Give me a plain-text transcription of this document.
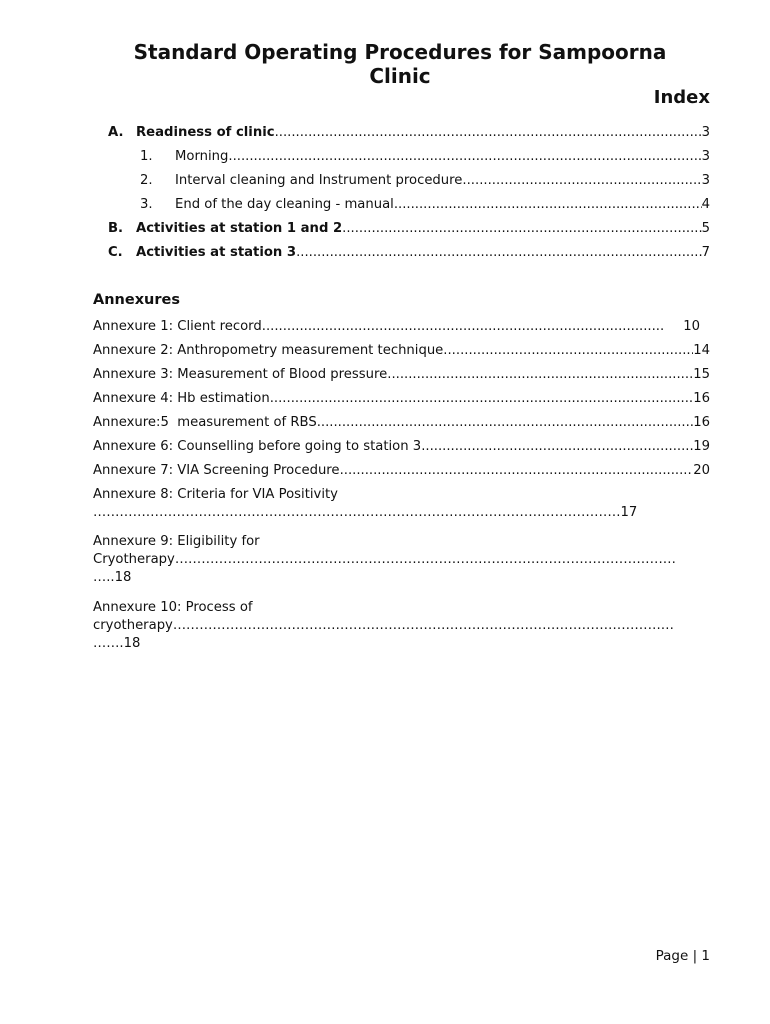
Standard Operating Procedures for Sampoorna Clinic
Index
A. Readiness of clinic .....	3
1.	Morning .....	3
2.	Interval cleaning and Instrument procedure .....	3
3.	End of the day cleaning - manual .....	4
B. Activities at station 1 and 2 .....	5
C.	Activities at station 3 .....	7
Annexures
Annexure 1: Client record .....	10
Annexure 2: Anthropometry measurement technique .....	14
Annexure 3: Measurement of Blood pressure .....	15
Annexure 4: Hb estimation .....	16
Annexure:5  measurement of RBS .....	16
Annexure 6: Counselling before going to station 3 .....	19
Annexure 7: VIA Screening Procedure .....	20
Annexure 8: Criteria for VIA Positivity
…………………………………………………………………………………………………………17
Annexure 9: Eligibility for
Cryotherapy……………………………………………………………………………………………………
…..18
Annexure 10: Process of
cryotherapy……………………………………………………………………………………………………
…….18
Page | 1
